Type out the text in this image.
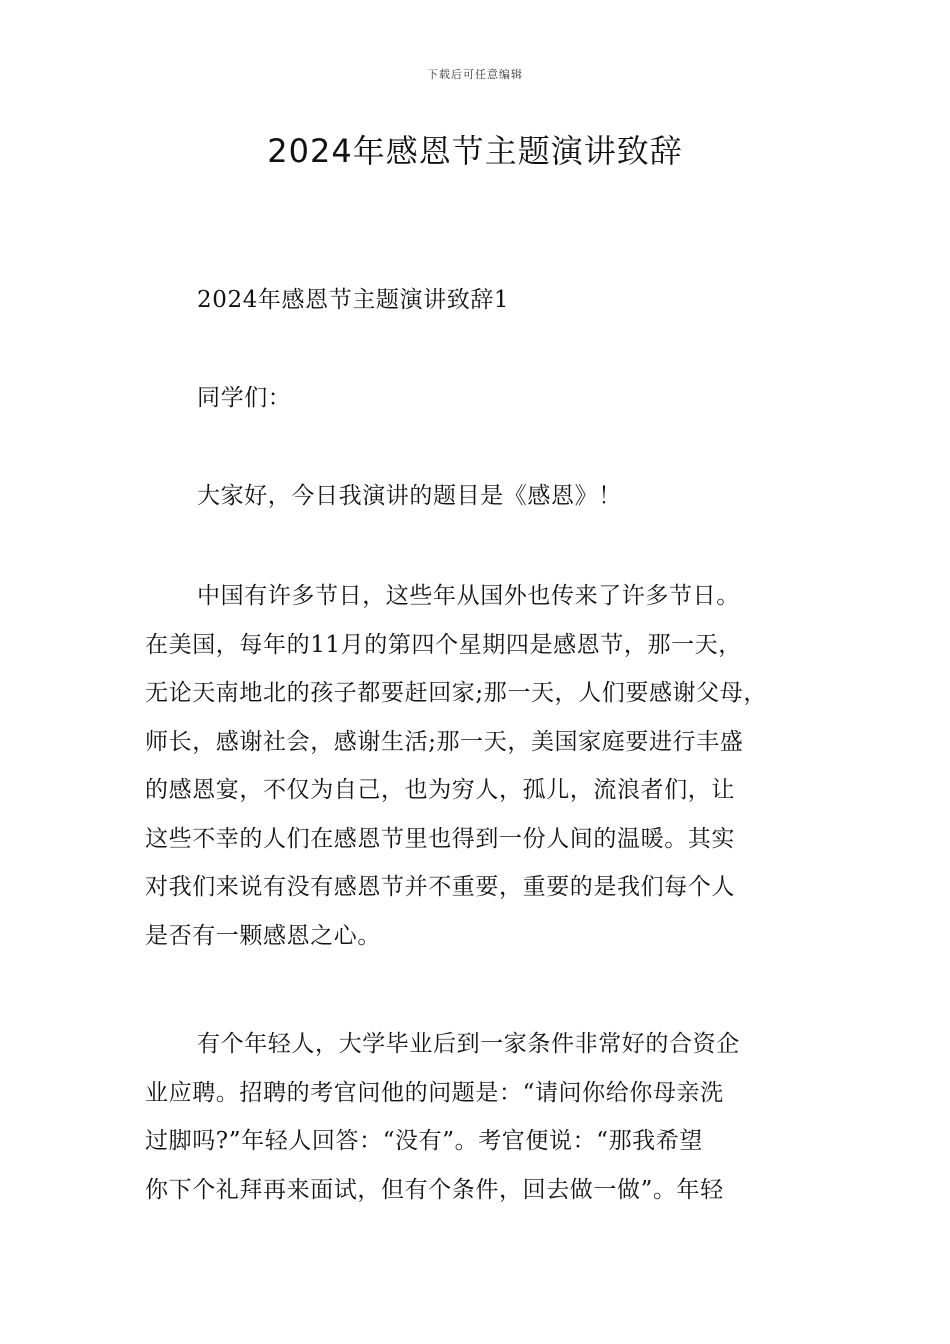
下载后可任意编辑
2024年感恩节主题演讲致辞
2024年感恩节主题演讲致辞1
同学们：
大家好，今日我演讲的题目是《感恩》！
中国有许多节日，这些年从国外也传来了许多节日。
在美国，每年的11月的第四个星期四是感恩节，那一天，
无论天南地北的孩子都要赶回家;那一天，人们要感谢父母，
师长，感谢社会，感谢生活;那一天，美国家庭要进行丰盛
的感恩宴，不仅为自己，也为穷人，孤儿，流浪者们，让
这些不幸的人们在感恩节里也得到一份人间的温暖。其实
对我们来说有没有感恩节并不重要，重要的是我们每个人
是否有一颗感恩之心。
有个年轻人，大学毕业后到一家条件非常好的合资企
业应聘。招聘的考官问他的问题是：“请问你给你母亲洗
过脚吗?”年轻人回答：“没有”。考官便说：“那我希望
你下个礼拜再来面试，但有个条件，回去做一做”。年轻
